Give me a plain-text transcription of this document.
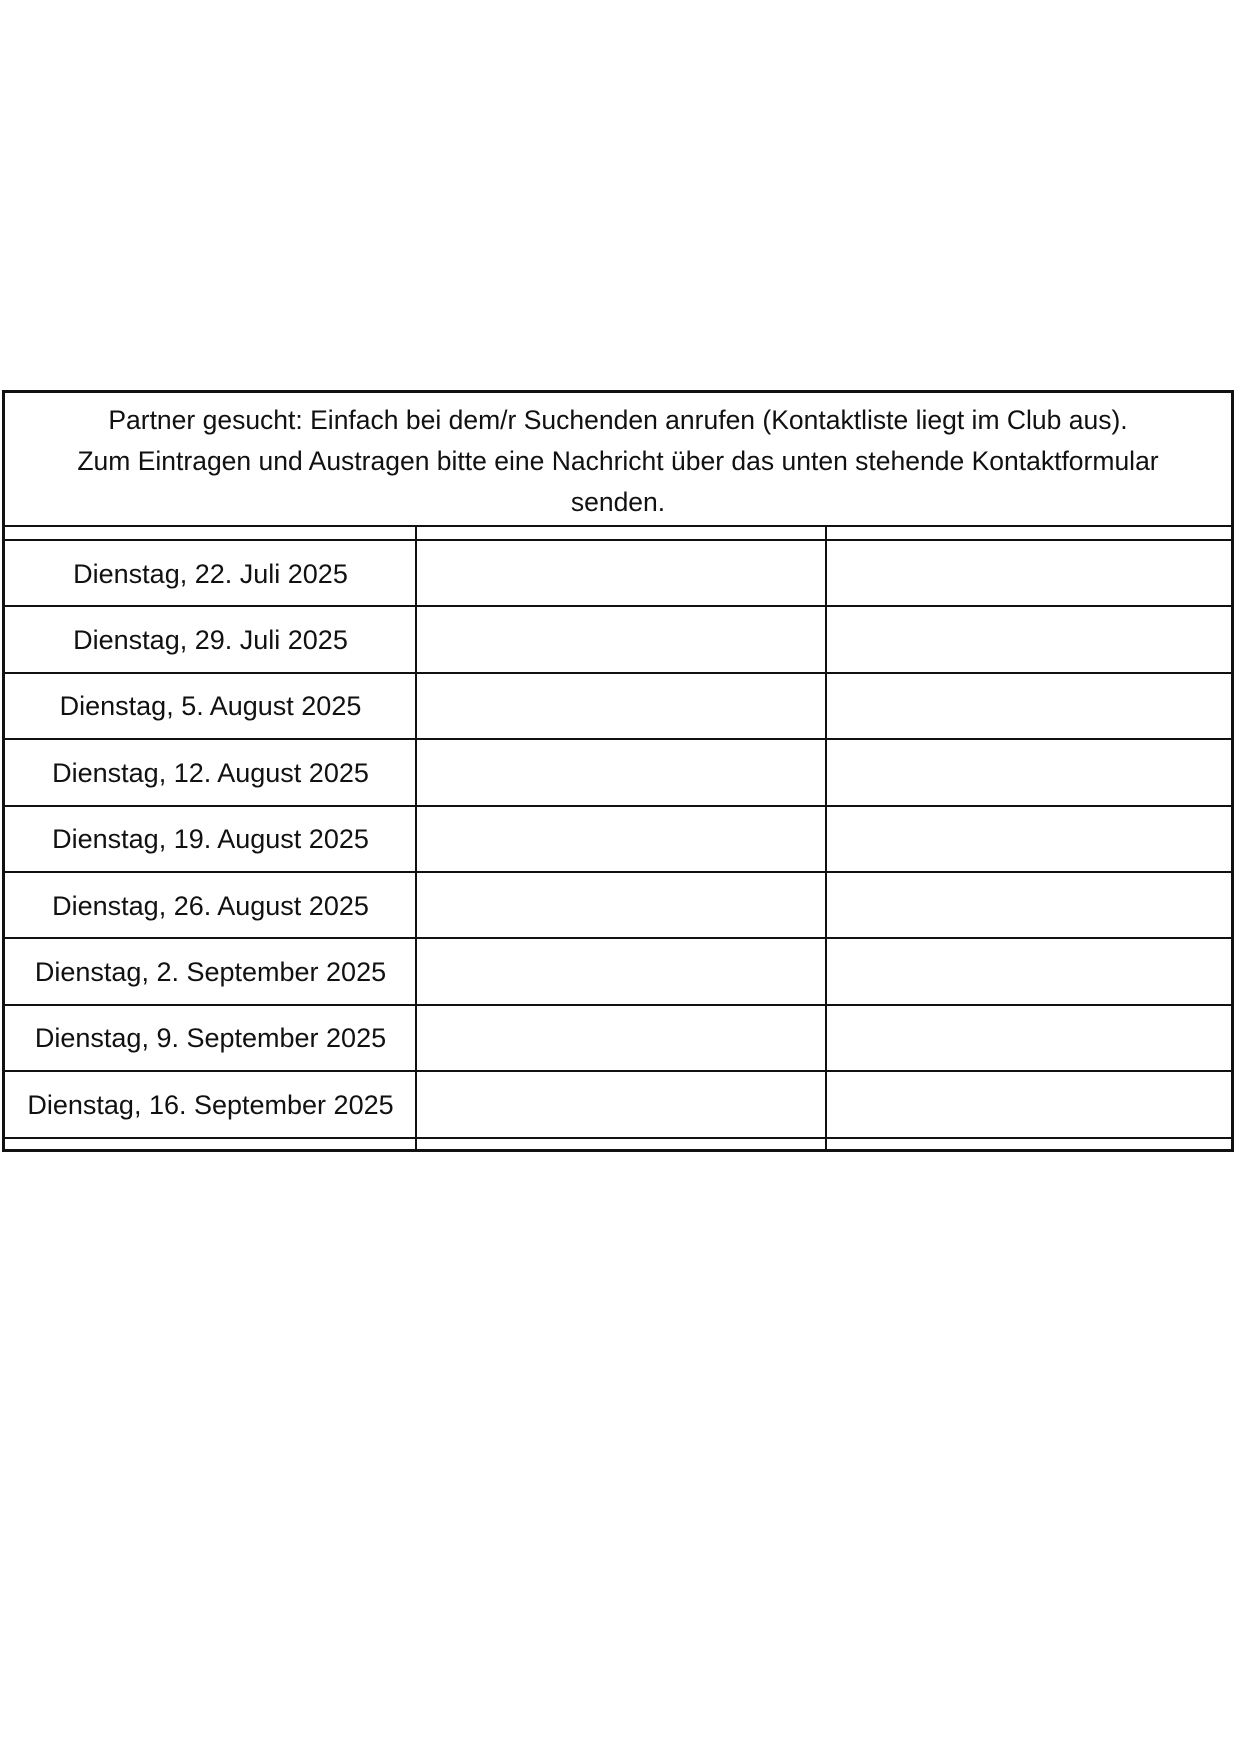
Partner gesucht: Einfach bei dem/r Suchenden anrufen (Kontaktliste liegt im Club aus).
Zum Eintragen und Austragen bitte eine Nachricht über das unten stehende Kontaktformular
senden.
Dienstag, 22. Juli 2025
Dienstag, 29. Juli 2025
Dienstag, 5. August 2025
Dienstag, 12. August 2025
Dienstag, 19. August 2025
Dienstag, 26. August 2025
Dienstag, 2. September 2025
Dienstag, 9. September 2025
Dienstag, 16. September 2025
